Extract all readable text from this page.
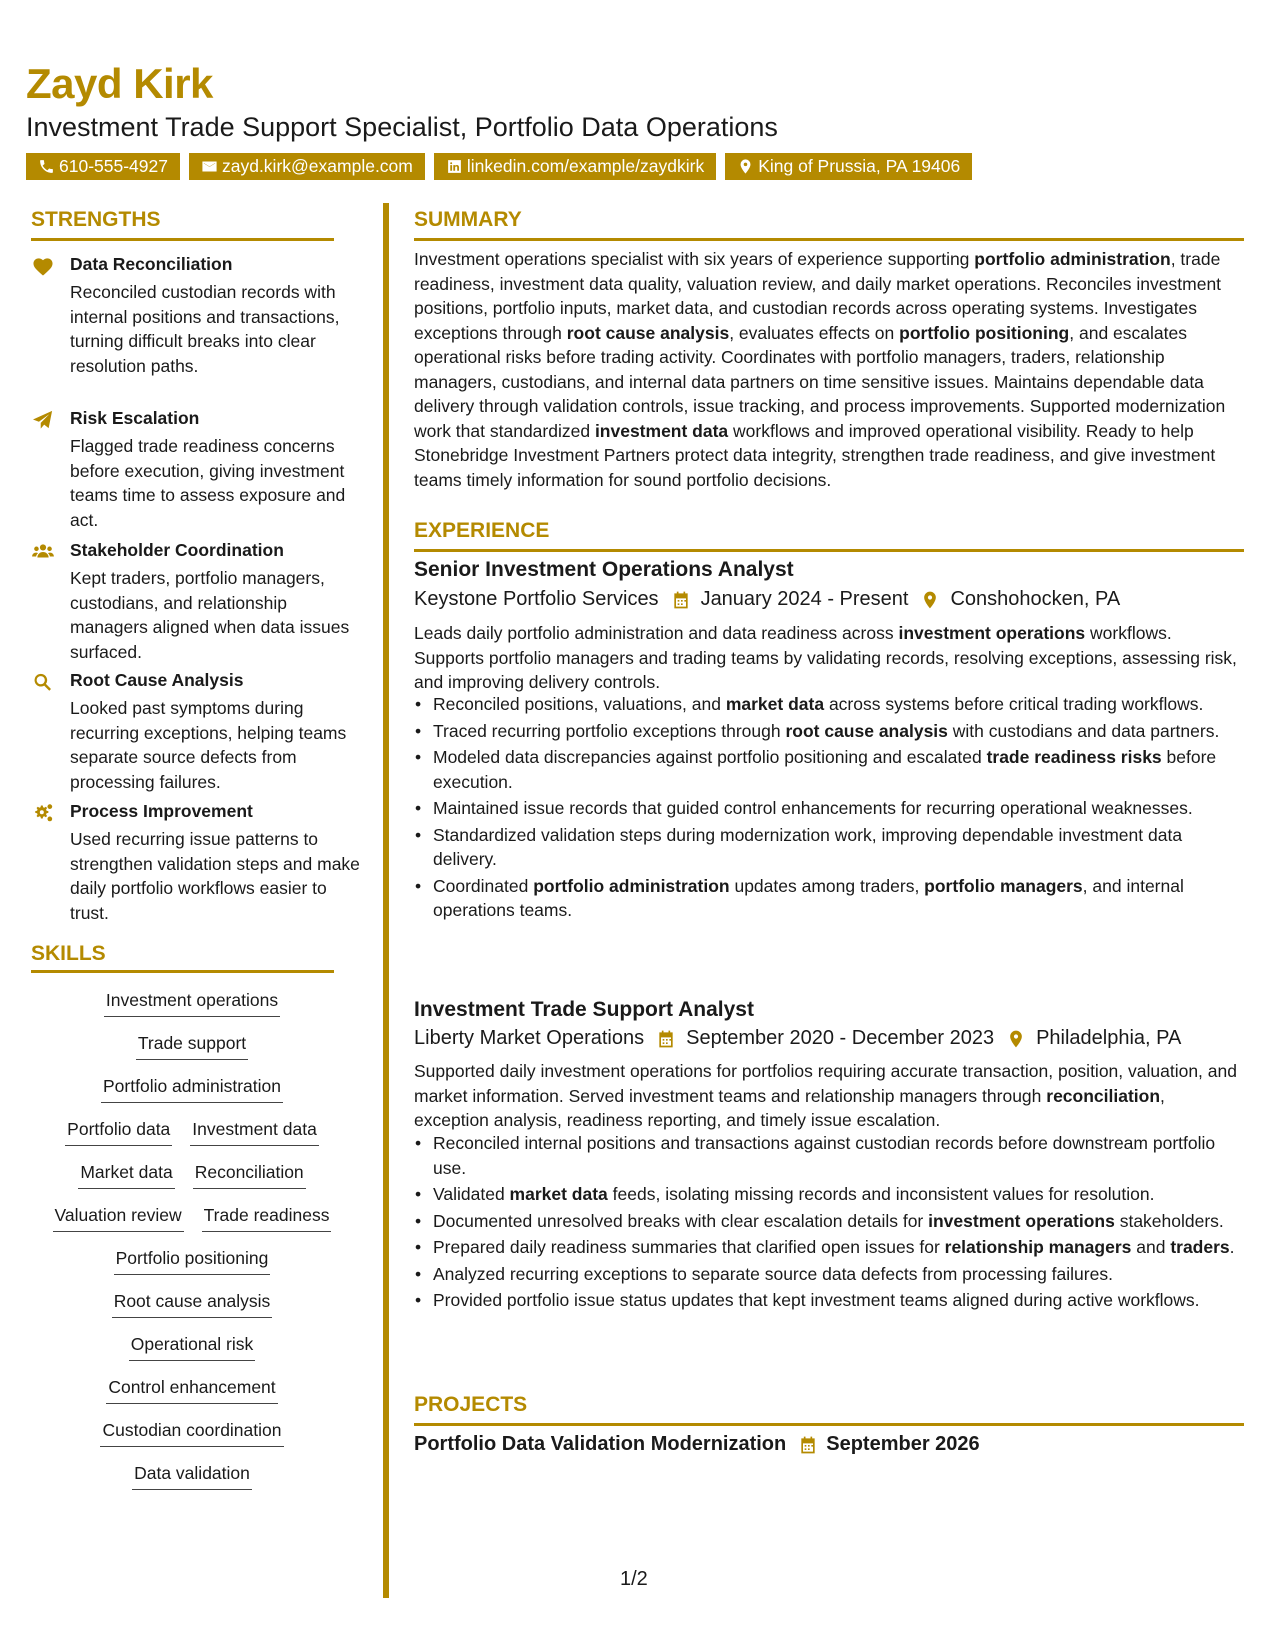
Zayd Kirk
Investment Trade Support Specialist, Portfolio Data Operations
610-555-4927	zayd.kirk@example.com	linkedin.com/example/zaydkirk	King of Prussia, PA 19406
STRENGTHS
Data Reconciliation
Reconciled custodian records with internal positions and transactions, turning difficult breaks into clear resolution paths.
Risk Escalation
Flagged trade readiness concerns before execution, giving investment teams time to assess exposure and act.
Stakeholder Coordination
Kept traders, portfolio managers, custodians, and relationship managers aligned when data issues surfaced.
Root Cause Analysis
Looked past symptoms during recurring exceptions, helping teams separate source defects from processing failures.
Process Improvement
Used recurring issue patterns to strengthen validation steps and make daily portfolio workflows easier to trust.
SKILLS
Investment operations
Trade support
Portfolio administration
Portfolio data Investment data
Market data Reconciliation
Valuation review Trade readiness
Portfolio positioning
Root cause analysis
Operational risk
Control enhancement
Custodian coordination
Data validation
SUMMARY
Investment operations specialist with six years of experience supporting portfolio administration, trade readiness, investment data quality, valuation review, and daily market operations. Reconciles investment positions, portfolio inputs, market data, and custodian records across operating systems. Investigates exceptions through root cause analysis, evaluates effects on portfolio positioning, and escalates operational risks before trading activity. Coordinates with portfolio managers, traders, relationship managers, custodians, and internal data partners on time sensitive issues. Maintains dependable data delivery through validation controls, issue tracking, and process improvements. Supported modernization work that standardized investment data workflows and improved operational visibility. Ready to help Stonebridge Investment Partners protect data integrity, strengthen trade readiness, and give investment teams timely information for sound portfolio decisions.
EXPERIENCE
Senior Investment Operations Analyst
Keystone Portfolio Services January 2024 - Present Conshohocken, PA
Leads daily portfolio administration and data readiness across investment operations workflows. Supports portfolio managers and trading teams by validating records, resolving exceptions, assessing risk, and improving delivery controls.
• Reconciled positions, valuations, and market data across systems before critical trading workflows.
• Traced recurring portfolio exceptions through root cause analysis with custodians and data partners.
• Modeled data discrepancies against portfolio positioning and escalated trade readiness risks before execution.
• Maintained issue records that guided control enhancements for recurring operational weaknesses.
• Standardized validation steps during modernization work, improving dependable investment data delivery.
• Coordinated portfolio administration updates among traders, portfolio managers, and internal operations teams.
Investment Trade Support Analyst
Liberty Market Operations September 2020 - December 2023 Philadelphia, PA
Supported daily investment operations for portfolios requiring accurate transaction, position, valuation, and market information. Served investment teams and relationship managers through reconciliation, exception analysis, readiness reporting, and timely issue escalation.
• Reconciled internal positions and transactions against custodian records before downstream portfolio use.
• Validated market data feeds, isolating missing records and inconsistent values for resolution.
• Documented unresolved breaks with clear escalation details for investment operations stakeholders.
• Prepared daily readiness summaries that clarified open issues for relationship managers and traders.
• Analyzed recurring exceptions to separate source data defects from processing failures.
• Provided portfolio issue status updates that kept investment teams aligned during active workflows.
PROJECTS
Portfolio Data Validation Modernization September 2026
1/2
